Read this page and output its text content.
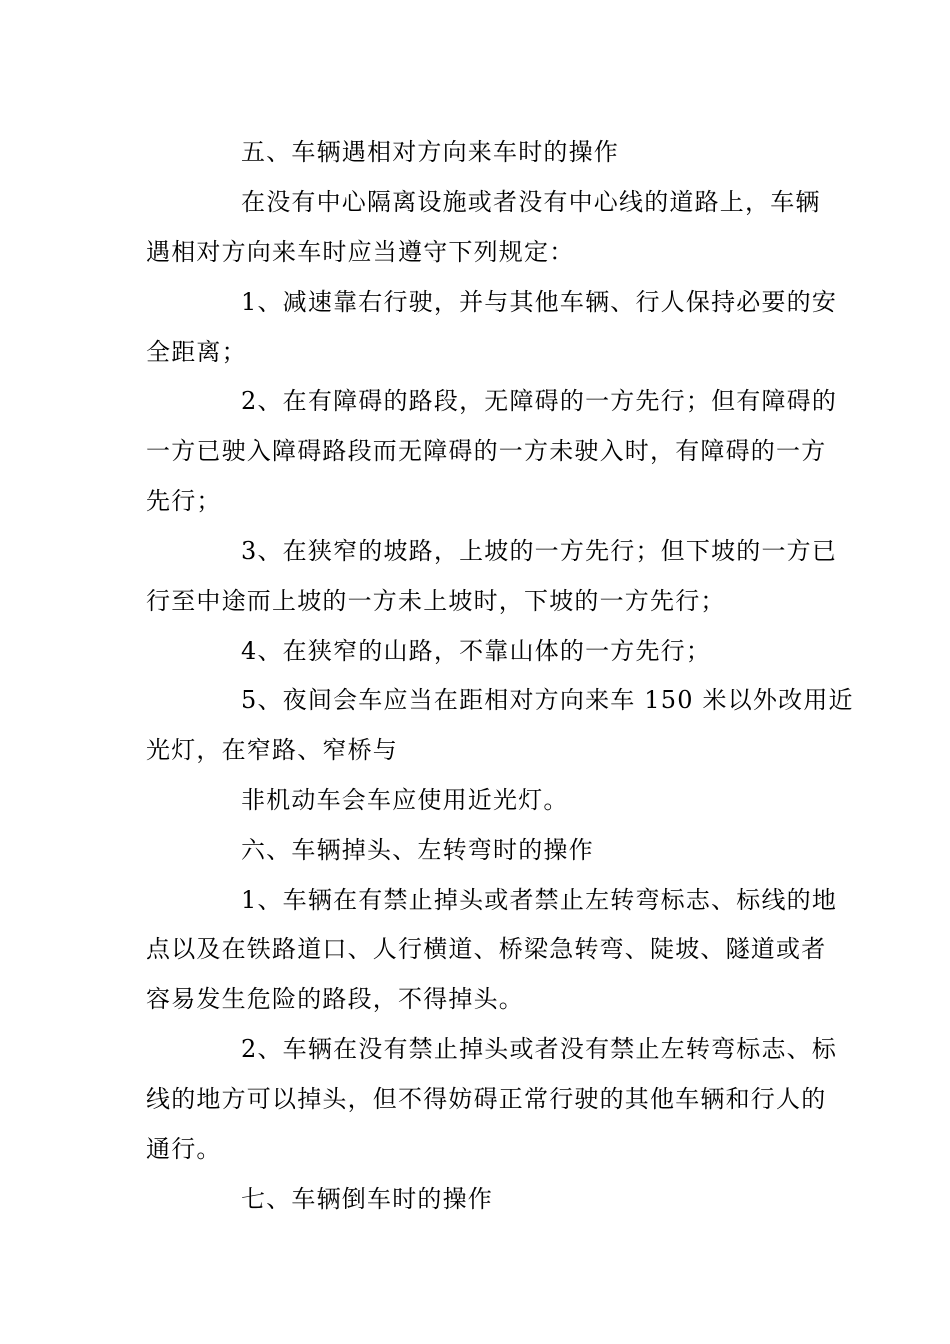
五、车辆遇相对方向来车时的操作
在没有中心隔离设施或者没有中心线的道路上，车辆
遇相对方向来车时应当遵守下列规定：
1、减速靠右行驶，并与其他车辆、行人保持必要的安
全距离；
2、在有障碍的路段，无障碍的一方先行；但有障碍的
一方已驶入障碍路段而无障碍的一方未驶入时，有障碍的一方
先行；
3、在狭窄的坡路，上坡的一方先行；但下坡的一方已
行至中途而上坡的一方未上坡时，下坡的一方先行；
4、在狭窄的山路，不靠山体的一方先行；
5、夜间会车应当在距相对方向来车 150 米以外改用近
光灯，在窄路、窄桥与
非机动车会车应使用近光灯。
六、车辆掉头、左转弯时的操作
1、车辆在有禁止掉头或者禁止左转弯标志、标线的地
点以及在铁路道口、人行横道、桥梁急转弯、陡坡、隧道或者
容易发生危险的路段，不得掉头。
2、车辆在没有禁止掉头或者没有禁止左转弯标志、标
线的地方可以掉头，但不得妨碍正常行驶的其他车辆和行人的
通行。
七、车辆倒车时的操作
